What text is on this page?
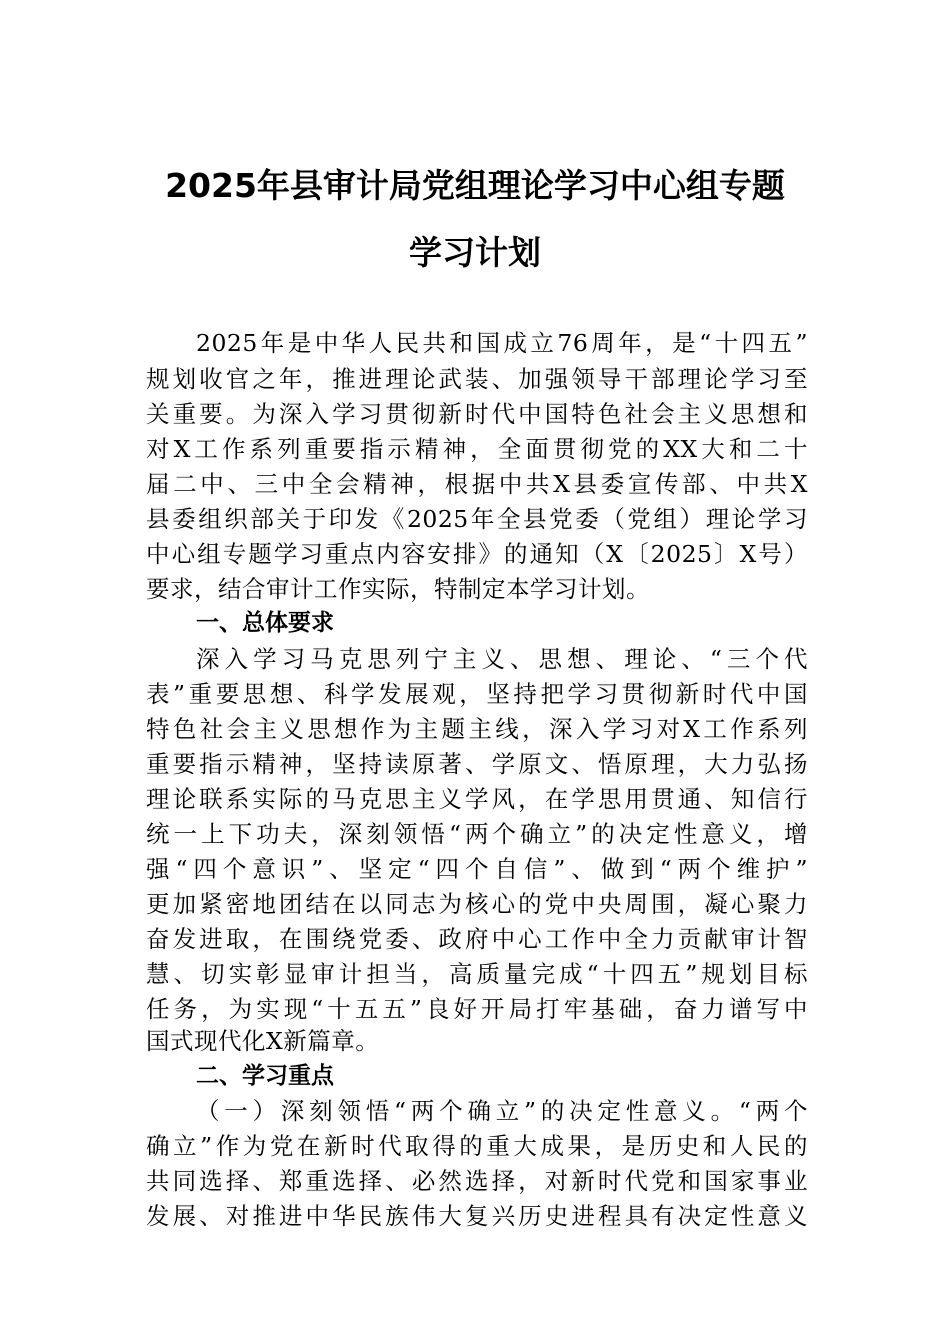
2025年县审计局党组理论学习中心组专题
学习计划
2025年是中华人民共和国成立76周年，是“十四五”
规划收官之年，推进理论武装、加强领导干部理论学习至
关重要。为深入学习贯彻新时代中国特色社会主义思想和
对X工作系列重要指示精神，全面贯彻党的XX大和二十
届二中、三中全会精神，根据中共X县委宣传部、中共X
县委组织部关于印发《2025年全县党委（党组）理论学习
中心组专题学习重点内容安排》的通知（X〔2025〕X号）
要求，结合审计工作实际，特制定本学习计划。
一、总体要求
深入学习马克思列宁主义、思想、理论、“三个代
表”重要思想、科学发展观，坚持把学习贯彻新时代中国
特色社会主义思想作为主题主线，深入学习对X工作系列
重要指示精神，坚持读原著、学原文、悟原理，大力弘扬
理论联系实际的马克思主义学风，在学思用贯通、知信行
统一上下功夫，深刻领悟“两个确立”的决定性意义，增
强“四个意识”、坚定“四个自信”、做到“两个维护”
更加紧密地团结在以同志为核心的党中央周围，凝心聚力
奋发进取，在围绕党委、政府中心工作中全力贡献审计智
慧、切实彰显审计担当，高质量完成“十四五”规划目标
任务，为实现“十五五”良好开局打牢基础，奋力谱写中
国式现代化X新篇章。
二、学习重点
（一）深刻领悟“两个确立”的决定性意义。“两个
确立”作为党在新时代取得的重大成果，是历史和人民的
共同选择、郑重选择、必然选择，对新时代党和国家事业
发展、对推进中华民族伟大复兴历史进程具有决定性意义
